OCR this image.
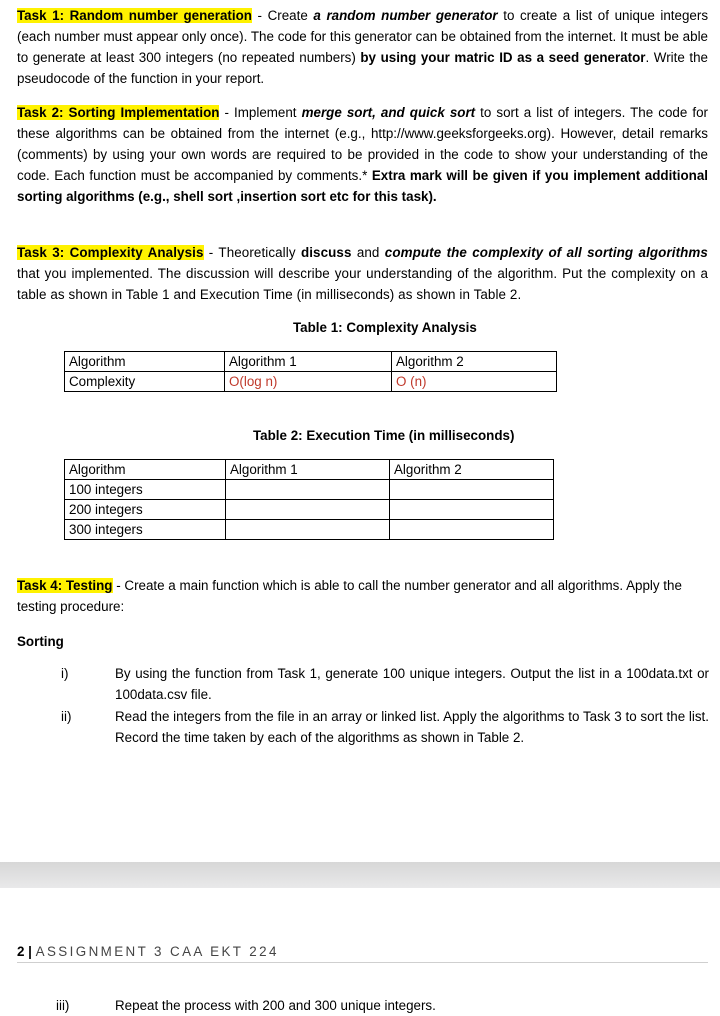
Task 1: Random number generation - Create a random number generator to create a list of unique integers (each number must appear only once). The code for this generator can be obtained from the internet. It must be able to generate at least 300 integers (no repeated numbers) by using your matric ID as a seed generator. Write the pseudocode of the function in your report.
Task 2: Sorting Implementation - Implement merge sort, and quick sort to sort a list of integers. The code for these algorithms can be obtained from the internet (e.g., http://www.geeksforgeeks.org). However, detail remarks (comments) by using your own words are required to be provided in the code to show your understanding of the code. Each function must be accompanied by comments.* Extra mark will be given if you implement additional sorting algorithms (e.g., shell sort ,insertion sort etc for this task).
Task 3: Complexity Analysis - Theoretically discuss and compute the complexity of all sorting algorithms that you implemented. The discussion will describe your understanding of the algorithm. Put the complexity on a table as shown in Table 1 and Execution Time (in milliseconds) as shown in Table 2.
Table 1: Complexity Analysis
Algorithm	Algorithm 1	Algorithm 2
Complexity	O(log n)	O (n)
Table 2: Execution Time (in milliseconds)
Algorithm	Algorithm 1	Algorithm 2
100 integers		
200 integers		
300 integers		
Task 4: Testing - Create a main function which is able to call the number generator and all algorithms. Apply the testing procedure:
Sorting
i)	By using the function from Task 1, generate 100 unique integers. Output the list in a 100data.txt or 100data.csv file.
ii)	Read the integers from the file in an array or linked list. Apply the algorithms to Task 3 to sort the list. Record the time taken by each of the algorithms as shown in Table 2.
2 | ASSIGNMENT 3 CAA EKT 224
iii)	Repeat the process with 200 and 300 unique integers.
